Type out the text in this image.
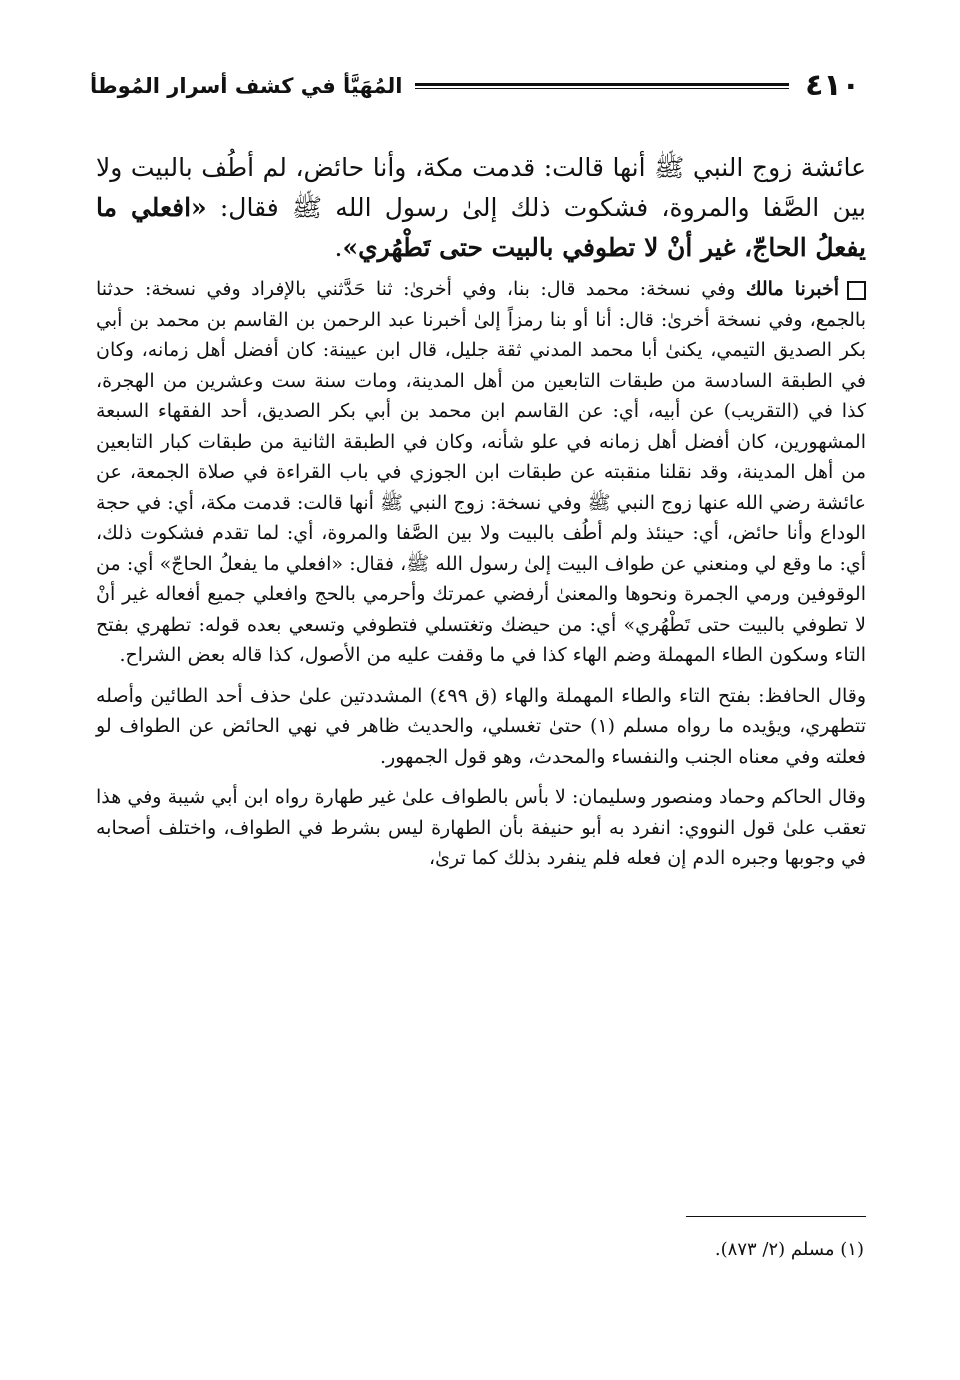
٤١٠
المُهَيَّأ في كشف أسرار المُوطأ

عائشة زوج النبي ﷺ أنها قالت: قدمت مكة، وأنا حائض، لم أطُف بالبيت ولا بين الصَّفا والمروة، فشكوت ذلك إلىٰ رسول الله ﷺ فقال: «افعلي ما يفعلُ الحاجّ، غير أنْ لا تطوفي بالبيت حتى تَطْهُري».

أخبرنا مالك وفي نسخة: محمد قال: بنا، وفي أخرىٰ: ثنا حَدَّثني بالإفراد وفي نسخة: حدثنا بالجمع، وفي نسخة أخرىٰ: قال: أنا أو بنا رمزاً إلىٰ أخبرنا عبد الرحمن بن القاسم بن محمد بن أبي بكر الصديق التيمي، يكنىٰ أبا محمد المدني ثقة جليل، قال ابن عيينة: كان أفضل أهل زمانه، وكان في الطبقة السادسة من طبقات التابعين من أهل المدينة، ومات سنة ست وعشرين من الهجرة، كذا في (التقريب) عن أبيه، أي: عن القاسم ابن محمد بن أبي بكر الصديق، أحد الفقهاء السبعة المشهورين، كان أفضل أهل زمانه في علو شأنه، وكان في الطبقة الثانية من طبقات كبار التابعين من أهل المدينة، وقد نقلنا منقبته عن طبقات ابن الجوزي في باب القراءة في صلاة الجمعة، عن عائشة رضي الله عنها زوج النبي ﷺ وفي نسخة: زوج النبي ﷺ أنها قالت: قدمت مكة، أي: في حجة الوداع وأنا حائض، أي: حينئذ ولم أطُف بالبيت ولا بين الصَّفا والمروة، أي: لما تقدم فشكوت ذلك، أي: ما وقع لي ومنعني عن طواف البيت إلىٰ رسول الله ﷺ، فقال: «افعلي ما يفعلُ الحاجّ» أي: من الوقوفين ورمي الجمرة ونحوها والمعنىٰ أرفضي عمرتك وأحرمي بالحج وافعلي جميع أفعاله غير أنْ لا تطوفي بالبيت حتى تَطْهُري» أي: من حيضك وتغتسلي فتطوفي وتسعي بعده قوله: تطهري بفتح التاء وسكون الطاء المهملة وضم الهاء كذا في ما وقفت عليه من الأصول، كذا قاله بعض الشراح.

وقال الحافظ: بفتح التاء والطاء المهملة والهاء (ق ٤٩٩) المشددتين علىٰ حذف أحد الطائين وأصله تتطهري، ويؤيده ما رواه مسلم (١) حتىٰ تغسلي، والحديث ظاهر في نهي الحائض عن الطواف لو فعلته وفي معناه الجنب والنفساء والمحدث، وهو قول الجمهور.

وقال الحاكم وحماد ومنصور وسليمان: لا بأس بالطواف علىٰ غير طهارة رواه ابن أبي شيبة وفي هذا تعقب علىٰ قول النووي: انفرد به أبو حنيفة بأن الطهارة ليس بشرط في الطواف، واختلف أصحابه في وجوبها وجبره الدم إن فعله فلم ينفرد بذلك كما ترىٰ،

(١) مسلم (٢/ ٨٧٣).
